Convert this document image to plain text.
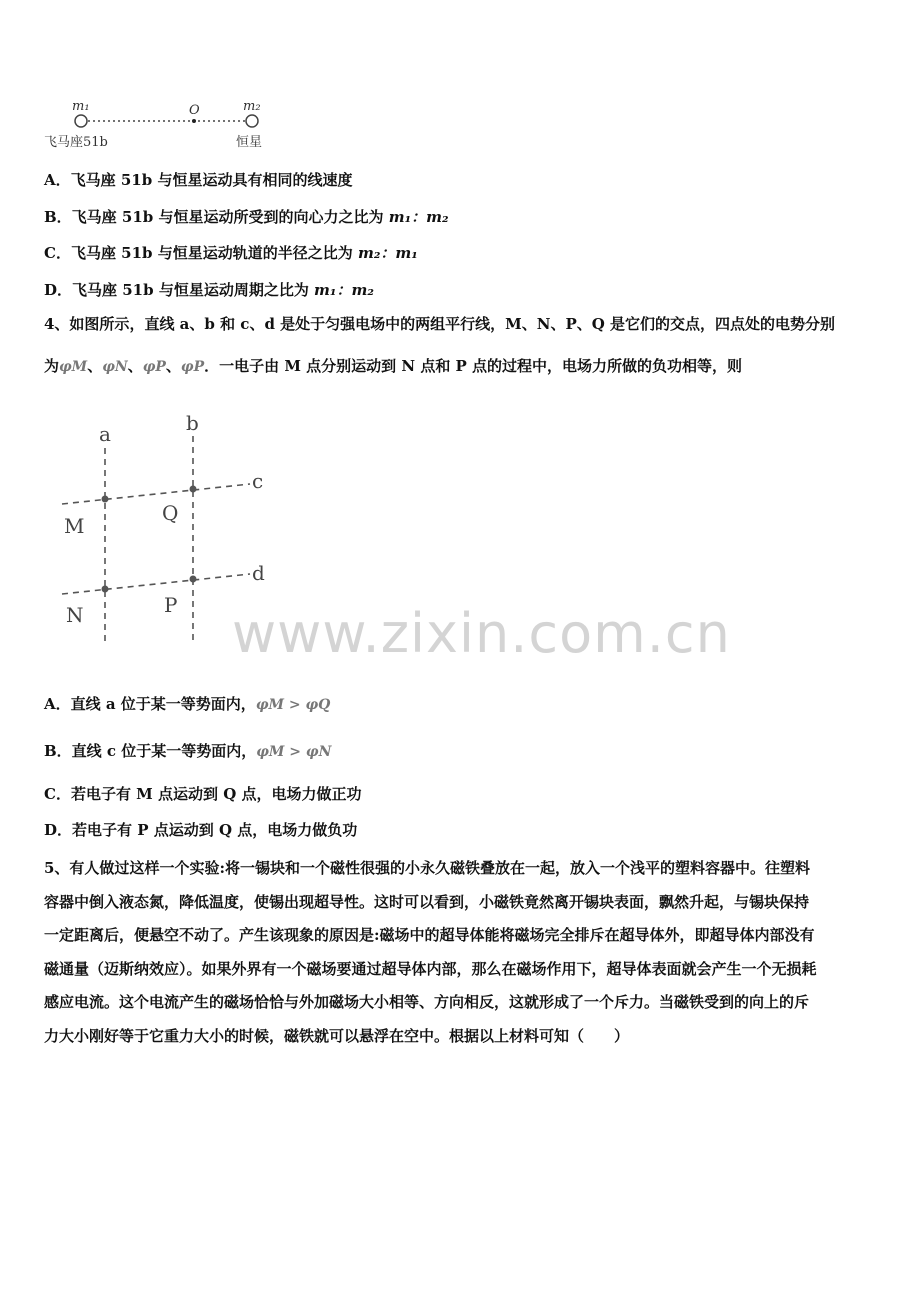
m₁	O	m₂
飞马座51b	恒星
A．飞马座 51b 与恒星运动具有相同的线速度
B．飞马座 51b 与恒星运动所受到的向心力之比为 m₁：m₂
C．飞马座 51b 与恒星运动轨道的半径之比为 m₂：m₁
D．飞马座 51b 与恒星运动周期之比为 m₁：m₂
4、如图所示，直线 a、b 和 c、d 是处于匀强电场中的两组平行线，M、N、P、Q 是它们的交点，四点处的电势分别
为φM、φN、φP、φP．一电子由 M 点分别运动到 N 点和 P 点的过程中，电场力所做的负功相等，则
a	b
c
d
M
Q
N	P www.zixin.com.cn
A．直线 a 位于某一等势面内，φM > φQ
B．直线 c 位于某一等势面内，φM > φN
C．若电子有 M 点运动到 Q 点，电场力做正功
D．若电子有 P 点运动到 Q 点，电场力做负功
5、有人做过这样一个实验:将一锡块和一个磁性很强的小永久磁铁叠放在一起，放入一个浅平的塑料容器中。往塑料
容器中倒入液态氮，降低温度，使锡出现超导性。这时可以看到，小磁铁竟然离开锡块表面，飘然升起，与锡块保持
一定距离后，便悬空不动了。产生该现象的原因是:磁场中的超导体能将磁场完全排斥在超导体外，即超导体内部没有
磁通量（迈斯纳效应）。如果外界有一个磁场要通过超导体内部，那么在磁场作用下，超导体表面就会产生一个无损耗
感应电流。这个电流产生的磁场恰恰与外加磁场大小相等、方向相反，这就形成了一个斥力。当磁铁受到的向上的斥
力大小刚好等于它重力大小的时候，磁铁就可以悬浮在空中。根据以上材料可知（　　）
